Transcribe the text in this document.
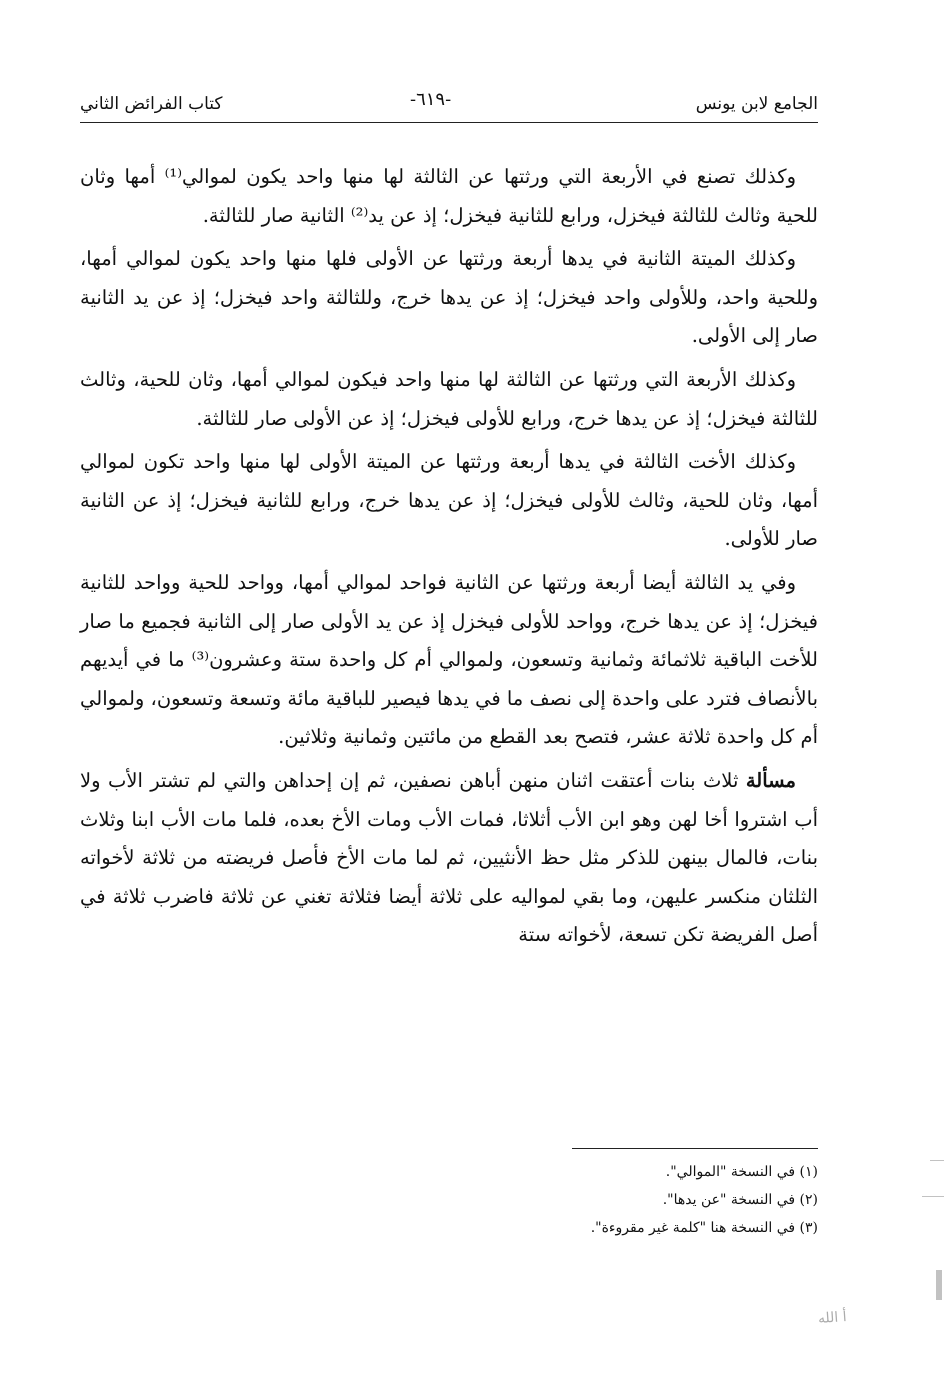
الجامع لابن يونس
-٦١٩-
كتاب الفرائض الثاني

وكذلك تصنع في الأربعة التي ورثتها عن الثالثة لها منها واحد يكون لموالي⁽¹⁾ أمها وثان للحية وثالث للثالثة فيخزل، ورابع للثانية فيخزل؛ إذ عن يد⁽²⁾ الثانية صار للثالثة.

وكذلك الميتة الثانية في يدها أربعة ورثتها عن الأولى فلها منها واحد يكون لموالي أمها، وللحية واحد، وللأولى واحد فيخزل؛ إذ عن يدها خرج، وللثالثة واحد فيخزل؛ إذ عن يد الثانية صار إلى الأولى.

وكذلك الأربعة التي ورثتها عن الثالثة لها منها واحد فيكون لموالي أمها، وثان للحية، وثالث للثالثة فيخزل؛ إذ عن يدها خرج، ورابع للأولى فيخزل؛ إذ عن الأولى صار للثالثة.

وكذلك الأخت الثالثة في يدها أربعة ورثتها عن الميتة الأولى لها منها واحد تكون لموالي أمها، وثان للحية، وثالث للأولى فيخزل؛ إذ عن يدها خرج، ورابع للثانية فيخزل؛ إذ عن الثانية صار للأولى.

وفي يد الثالثة أيضا أربعة ورثتها عن الثانية فواحد لموالي أمها، وواحد للحية وواحد للثانية فيخزل؛ إذ عن يدها خرج، وواحد للأولى فيخزل إذ عن يد الأولى صار إلى الثانية فجميع ما صار للأخت الباقية ثلاثمائة وثمانية وتسعون، ولموالي أم كل واحدة ستة وعشرون⁽³⁾ ما في أيديهم بالأنصاف فترد على واحدة إلى نصف ما في يدها فيصير للباقية مائة وتسعة وتسعون، ولموالي أم كل واحدة ثلاثة عشر، فتصح بعد القطع من مائتين وثمانية وثلاثين.

مسألة ثلاث بنات أعتقت اثنان منهن أباهن نصفين، ثم إن إحداهن والتي لم تشتر الأب ولا أب اشتروا أخا لهن وهو ابن الأب أثلاثا، فمات الأب ومات الأخ بعده، فلما مات الأب ابنا وثلاث بنات، فالمال بينهن للذكر مثل حظ الأنثيين، ثم لما مات الأخ فأصل فريضته من ثلاثة لأخواته الثلثان منكسر عليهن، وما بقي لمواليه على ثلاثة أيضا فثلاثة تغني عن ثلاثة فاضرب ثلاثة في أصل الفريضة تكن تسعة، لأخواته ستة

(١) في النسخة "الموالي".
(٢) في النسخة "عن يدها".
(٣) في النسخة هنا "كلمة غير مقروءة".
أ الله
